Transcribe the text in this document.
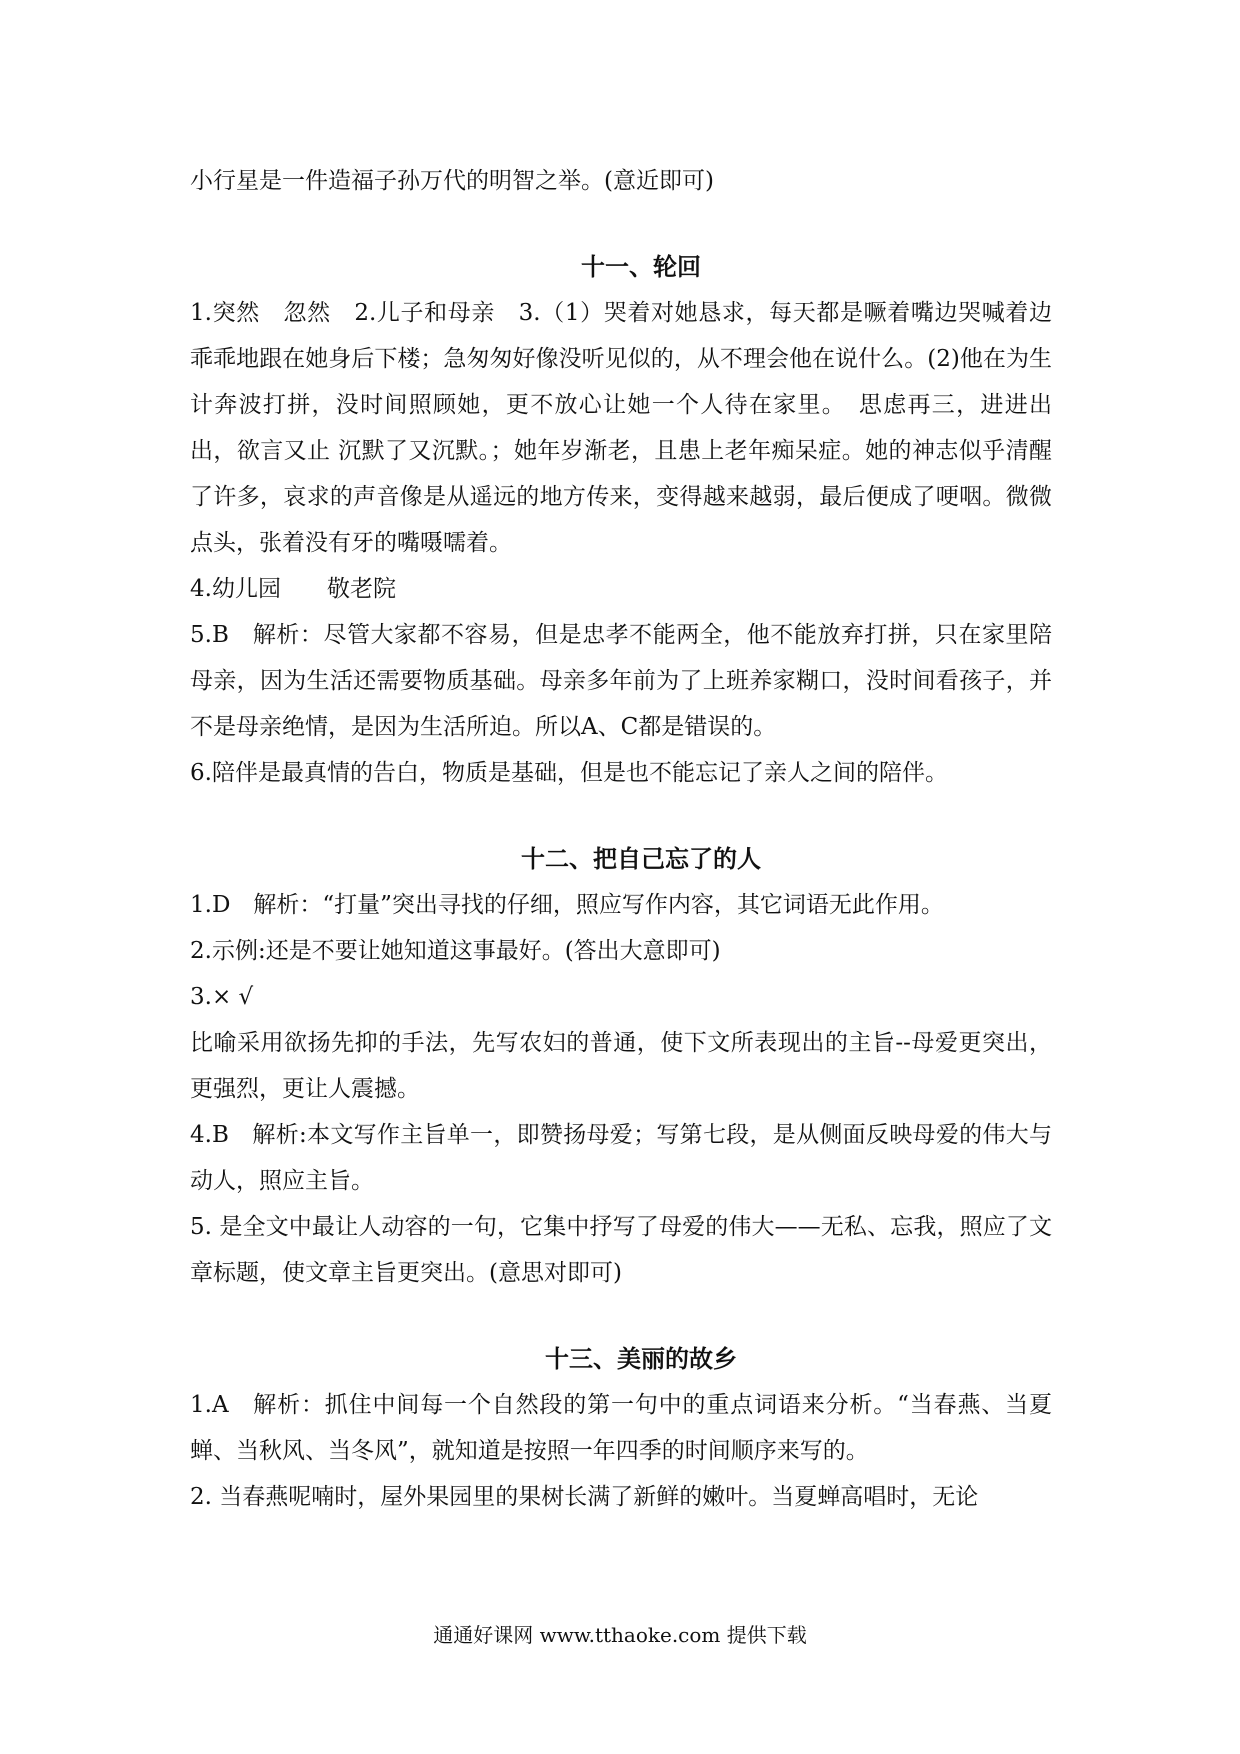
小行星是一件造福子孙万代的明智之举。(意近即可)

十一、轮回

1.突然　忽然　2.儿子和母亲　3.（1）哭着对她恳求，每天都是噘着嘴边哭喊着边乖乖地跟在她身后下楼；急匆匆好像没听见似的，从不理会他在说什么。(2)他在为生计奔波打拼，没时间照顾她，更不放心让她一个人待在家里。　思虑再三，进进出出，欲言又止 沉默了又沉默。；她年岁渐老，且患上老年痴呆症。她的神志似乎清醒了许多，哀求的声音像是从遥远的地方传来，变得越来越弱，最后便成了哽咽。微微点头，张着没有牙的嘴嗫嚅着。

4.幼儿园　　敬老院

5.B　解析：尽管大家都不容易，但是忠孝不能两全，他不能放弃打拼，只在家里陪母亲，因为生活还需要物质基础。母亲多年前为了上班养家糊口，没时间看孩子，并不是母亲绝情，是因为生活所迫。所以A、C都是错误的。

6.陪伴是最真情的告白，物质是基础，但是也不能忘记了亲人之间的陪伴。

十二、把自己忘了的人

1.D　解析：“打量”突出寻找的仔细，照应写作内容，其它词语无此作用。

2.示例:还是不要让她知道这事最好。(答出大意即可)

3.× √

比喻采用欲扬先抑的手法，先写农妇的普通，使下文所表现出的主旨--母爱更突出，更强烈，更让人震撼。

4.B　解析:本文写作主旨单一，即赞扬母爱；写第七段，是从侧面反映母爱的伟大与动人，照应主旨。

5. 是全文中最让人动容的一句，它集中抒写了母爱的伟大——无私、忘我，照应了文章标题，使文章主旨更突出。(意思对即可)

十三、美丽的故乡

1.A　解析：抓住中间每一个自然段的第一句中的重点词语来分析。“当春燕、当夏蝉、当秋风、当冬风”，就知道是按照一年四季的时间顺序来写的。

2. 当春燕呢喃时，屋外果园里的果树长满了新鲜的嫩叶。当夏蝉高唱时，无论

通通好课网 www.tthaoke.com 提供下载
